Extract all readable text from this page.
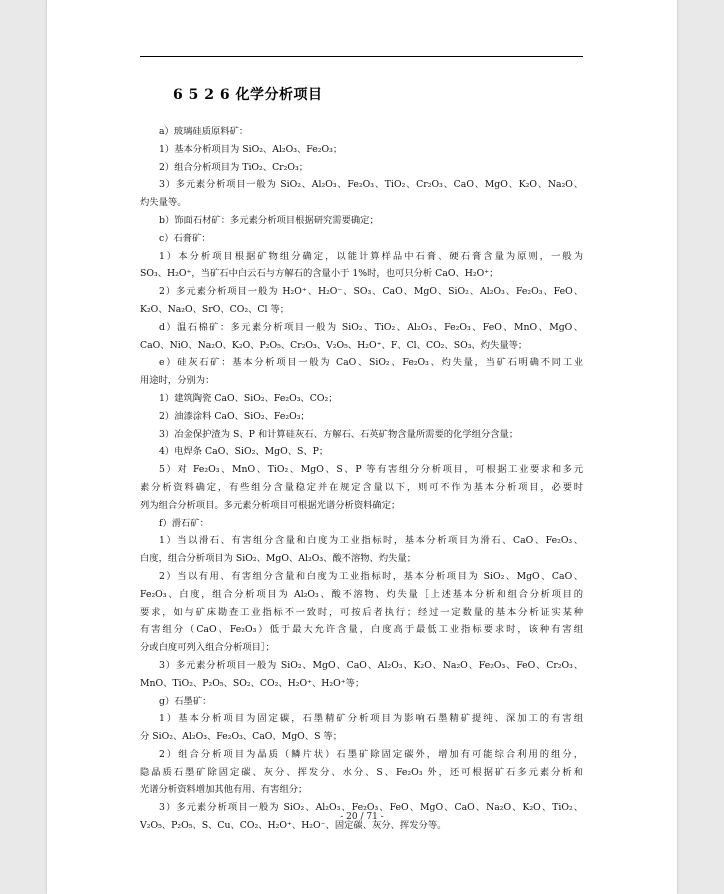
6 5 2 6 化学分析项目
a）玻璃硅质原料矿：
1）基本分析项目为 SiO₂、Al₂O₃、Fe₂O₃；
2）组合分析项目为 TiO₂、Cr₂O₃；
3）多元素分析项目一般为 SiO₂、Al₂O₃、Fe₂O₃、TiO₂、Cr₂O₃、CaO、MgO、K₂O、Na₂O、
灼失量等。
b）饰面石材矿：多元素分析项目根据研究需要确定；
c）石膏矿：
1）本分析项目根据矿物组分确定，以能计算样品中石膏、硬石膏含量为原则，一般为
SO₃、H₂O⁺，当矿石中白云石与方解石的含量小于 1%时，也可只分析 CaO、H₂O⁺；
2）多元素分析项目一般为 H₂O⁺、H₂O⁻、SO₃、CaO、MgO、SiO₂、Al₂O₃、Fe₂O₃、FeO、
K₂O、Na₂O、SrO、CO₂、Cl 等；
d）温石棉矿：多元素分析项目一般为 SiO₂、TiO₂、Al₂O₃、Fe₂O₃、FeO、MnO、MgO、
CaO、NiO、Na₂O、K₂O、P₂O₅、Cr₂O₃、V₂O₅、H₂O⁺、F、Cl、CO₂、SO₃、灼失量等；
e）硅灰石矿：基本分析项目一般为 CaO、SiO₂、Fe₂O₃、灼失量，当矿石明确不同工业
用途时，分别为：
1）建筑陶瓷 CaO、SiO₂、Fe₂O₃、CO₂；
2）油漆涂料 CaO、SiO₂、Fe₂O₃；
3）冶金保护渣为 S、P 和计算硅灰石、方解石、石英矿物含量所需要的化学组分含量；
4）电焊条 CaO、SiO₂、MgO、S、P；
5）对 Fe₂O₃、MnO、TiO₂、MgO、S、P 等有害组分分析项目，可根据工业要求和多元
素分析资料确定，有些组分含量稳定并在规定含量以下，则可不作为基本分析项目，必要时
列为组合分析项目。多元素分析项目可根据光谱分析资料确定；
f）滑石矿：
1）当以滑石、有害组分含量和白度为工业指标时，基本分析项目为滑石、CaO、Fe₂O₃、
白度，组合分析项目为 SiO₂、MgO、Al₂O₃、酸不溶物、灼失量；
2）当以有用、有害组分含量和白度为工业指标时，基本分析项目为 SiO₂、MgO、CaO、
Fe₂O₃、白度，组合分析项目为 Al₂O₃、酸不溶物、灼失量［上述基本分析和组合分析项目的
要求，如与矿床勘查工业指标不一致时，可按后者执行；经过一定数量的基本分析证实某种
有害组分（CaO、Fe₂O₃）低于最大允许含量，白度高于最低工业指标要求时，该种有害组
分或白度可列入组合分析项目］；
3）多元素分析项目一般为 SiO₂、MgO、CaO、Al₂O₃、K₂O、Na₂O、Fe₂O₃、FeO、Cr₂O₃、
MnO、TiO₂、P₂O₅、SO₂、CO₂、H₂O⁺、H₂O⁺等；
g）石墨矿：
1）基本分析项目为固定碳，石墨精矿分析项目为影响石墨精矿提纯、深加工的有害组
分 SiO₂、Al₂O₃、Fe₂O₃、CaO、MgO、S 等；
2）组合分析项目为晶质（鳞片状）石墨矿除固定碳外，增加有可能综合利用的组分，
隐晶质石墨矿除固定碳、灰分、挥发分、水分、S、Fe₂O₃ 外，还可根据矿石多元素分析和
光谱分析资料增加其他有用、有害组分；
3）多元素分析项目一般为 SiO₂、Al₂O₃、Fe₂O₃、FeO、MgO、CaO、Na₂O、K₂O、TiO₂、
V₂O₅、P₂O₅、S、Cu、CO₂、H₂O⁺、H₂O⁻、固定碳、灰分、挥发分等。
- 20 / 71 -
